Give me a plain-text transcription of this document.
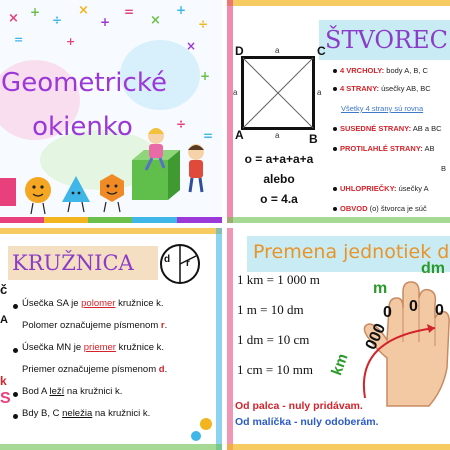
× +
÷
×
+
=
×
+
÷
=	+	×
+
÷
=
Geometrické
okienko
ŠTVOREC
D	C
A	B
a
a	a
a
o = a+a+a+a
alebo
o = 4.a
4 VRCHOLY: body A, B, C
4 STRANY: úsečky AB, BC
Všetky 4 strany sú rovna
SUSEDNÉ STRANY: AB a BC
PROTILAHLÉ STRANY: AB
B
UHLOPRIEČKY: úsečky A
OBVOD (o) štvorca je súč
KRUŽNICA	d r
č
A
k
S
Úsečka SA je polomer kružnice k.
Polomer označujeme písmenom r.
Úsečka MN je priemer kružnice k.
Priemer označujeme písmenom d.
Bod A leží na kružnici k.
Bdy B, C neležia na kružnici k.
Premena jednotiek d
1 km = 1 000 m
1 m = 10 dm
1 dm = 10 cm
1 cm = 10 mm km
m
dm
000
0 0 0
Od palca - nuly pridávam.
Od malíčka - nuly odoberám.
